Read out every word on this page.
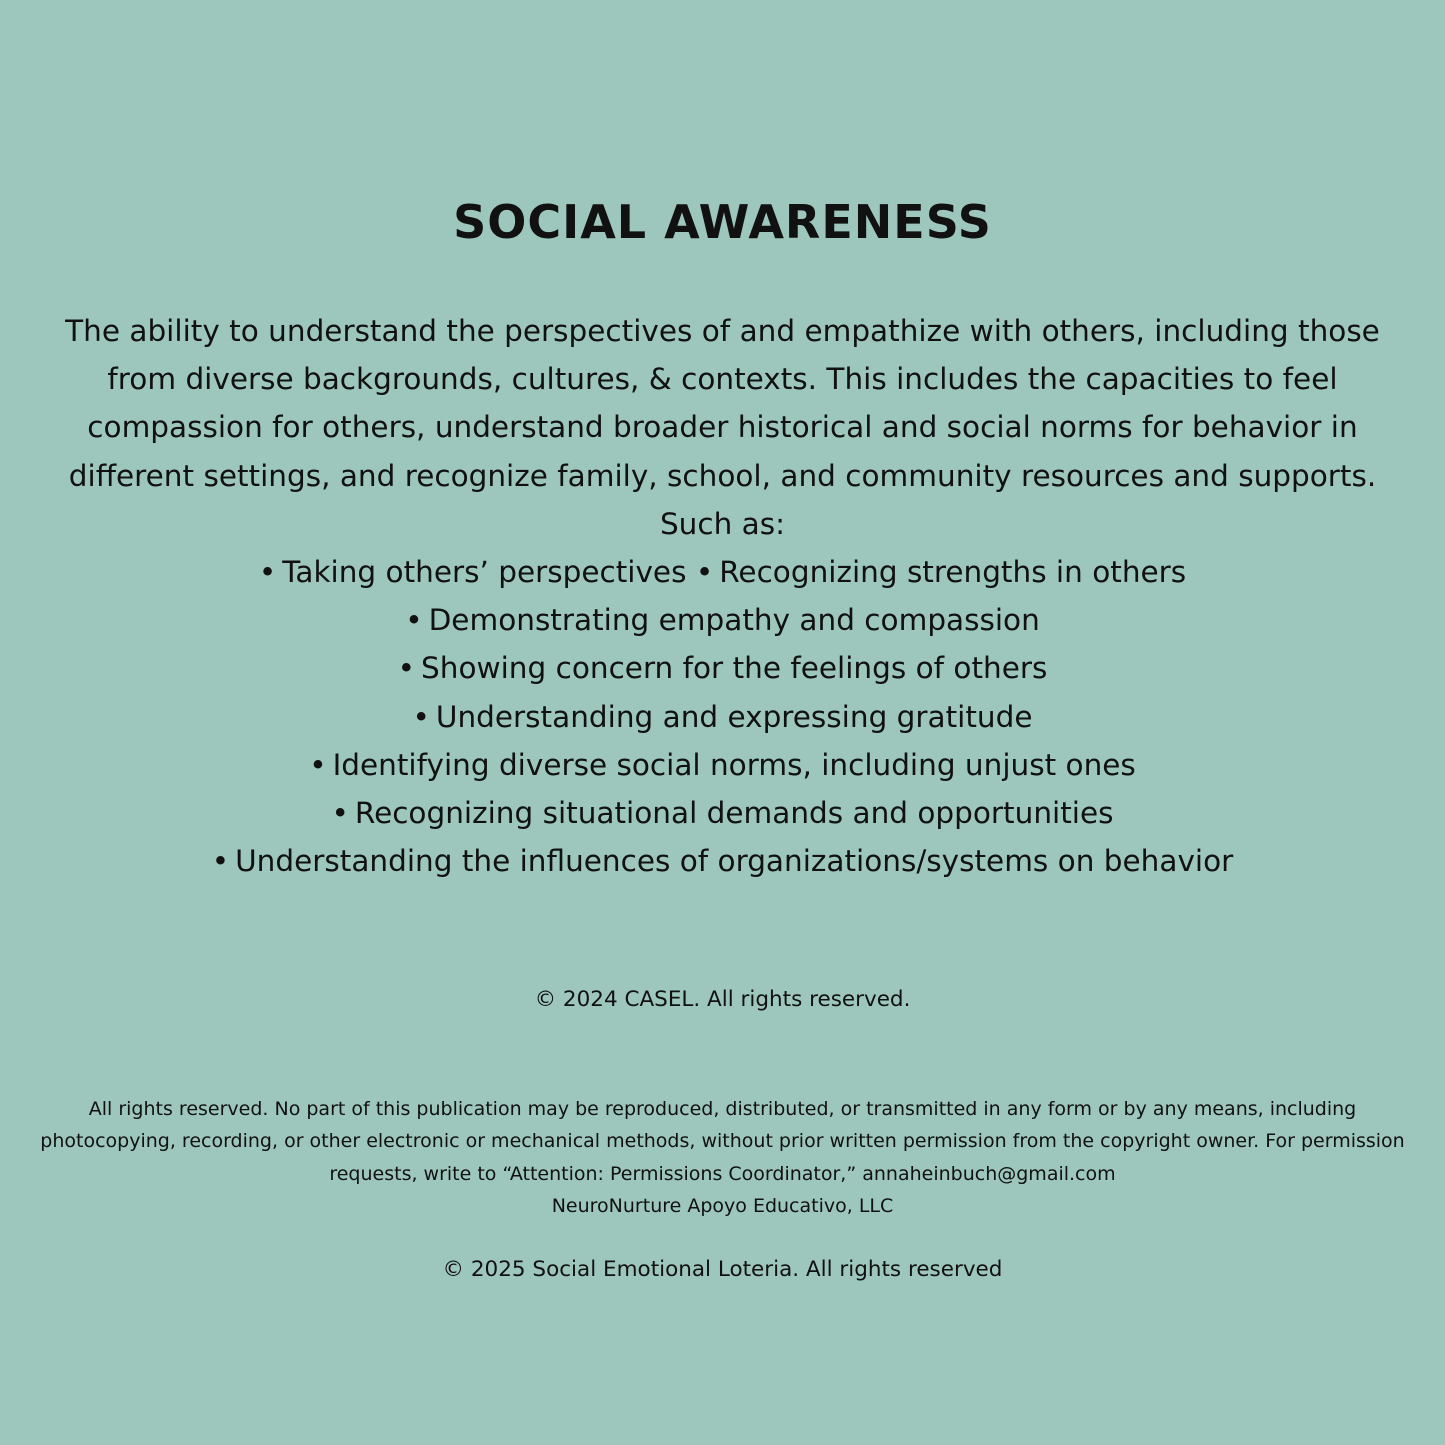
SOCIAL AWARENESS

The ability to understand the perspectives of and empathize with others, including those from diverse backgrounds, cultures, & contexts. This includes the capacities to feel compassion for others, understand broader historical and social norms for behavior in different settings, and recognize family, school, and community resources and supports.

Such as:

• Taking others’ perspectives • Recognizing strengths in others
• Demonstrating empathy and compassion
• Showing concern for the feelings of others
• Understanding and expressing gratitude
• Identifying diverse social norms, including unjust ones
• Recognizing situational demands and opportunities
• Understanding the influences of organizations/systems on behavior
© 2024 CASEL. All rights reserved.

All rights reserved. No part of this publication may be reproduced, distributed, or transmitted in any form or by any means, including photocopying, recording, or other electronic or mechanical methods, without prior written permission from the copyright owner. For permission requests, write to “Attention: Permissions Coordinator,” annaheinbuch@gmail.com

NeuroNurture Apoyo Educativo, LLC

© 2025 Social Emotional Loteria. All rights reserved
